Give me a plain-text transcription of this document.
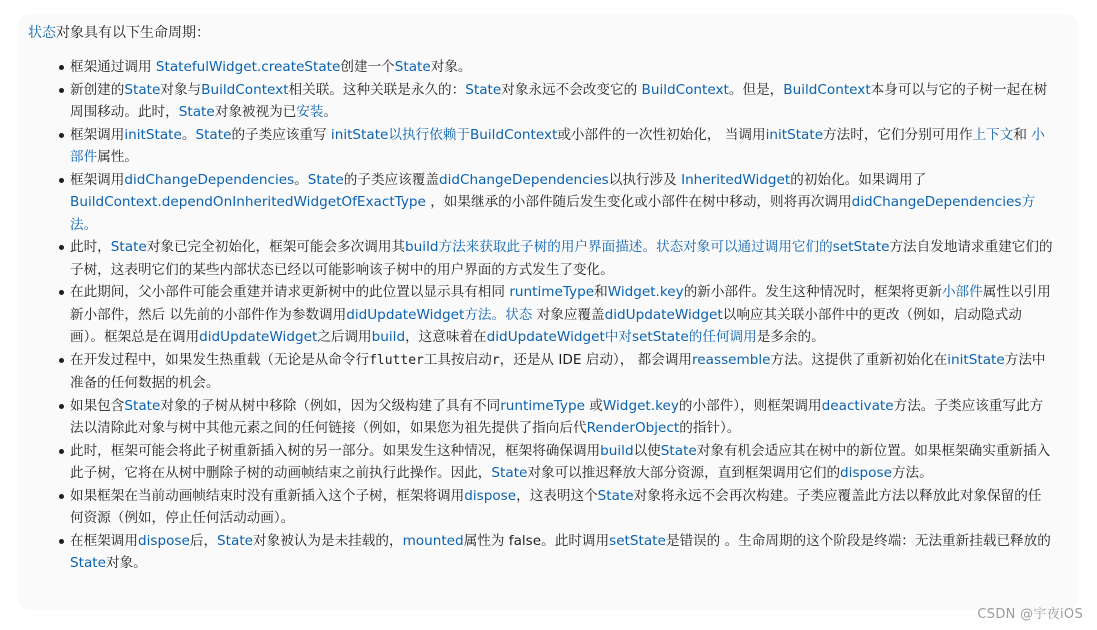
状态对象具有以下生命周期：
框架通过调用 StatefulWidget.createState创建一个State对象。
新创建的State对象与BuildContext相关联。这种关联是永久的：State对象永远不会改变它的 BuildContext。但是，BuildContext本身可以与它的子树一起在树周围移动。此时，State对象被视为已安装。
框架调用initState。State的子类应该重写 initState以执行依赖于BuildContext或小部件的一次性初始化， 当调用initState方法时，它们分别可用作上下文和 小部件属性。
框架调用didChangeDependencies。State的子类应该覆盖didChangeDependencies以执行涉及 InheritedWidget的初始化。如果调用了 BuildContext.dependOnInheritedWidgetOfExactType ，如果继承的小部件随后发生变化或小部件在树中移动，则将再次调用didChangeDependencies方法。
此时，State对象已完全初始化，框架可能会多次调用其build方法来获取此子树的用户界面描述。状态对象可以通过调用它们的setState方法自发地请求重建它们的子树，这表明它们的某些内部状态已经以可能影响该子树中的用户界面的方式发生了变化。
在此期间，父小部件可能会重建并请求更新树中的此位置以显示具有相同 runtimeType和Widget.key的新小部件。发生这种情况时，框架将更新小部件属性以引用新小部件，然后 以先前的小部件作为参数调用didUpdateWidget方法。状态 对象应覆盖didUpdateWidget以响应其关联小部件中的更改（例如，启动隐式动画）。框架总是在调用didUpdateWidget之后调用build，这意味着在didUpdateWidget中对setState的任何调用是多余的。
在开发过程中，如果发生热重载（无论是从命令行flutter工具按启动r，还是从 IDE 启动）， 都会调用reassemble方法。这提供了重新初始化在initState方法中准备的任何数据的机会。
如果包含State对象的子树从树中移除（例如，因为父级构建了具有不同runtimeType 或Widget.key的小部件），则框架调用deactivate方法。子类应该重写此方法以清除此对象与树中其他元素之间的任何链接（例如，如果您为祖先提供了指向后代RenderObject的指针）。
此时，框架可能会将此子树重新插入树的另一部分。如果发生这种情况，框架将确保调用build以使State对象有机会适应其在树中的新位置。如果框架确实重新插入此子树，它将在从树中删除子树的动画帧结束之前执行此操作。因此，State对象可以推迟释放大部分资源，直到框架调用它们的dispose方法。
如果框架在当前动画帧结束时没有重新插入这个子树，框架将调用dispose，这表明这个State对象将永远不会再次构建。子类应覆盖此方法以释放此对象保留的任何资源（例如，停止任何活动动画）。
在框架调用dispose后，State对象被认为是未挂载的，mounted属性为 false。此时调用setState是错误的 。生命周期的这个阶段是终端：无法重新挂载已释放的State对象。
CSDN @宇夜iOS
